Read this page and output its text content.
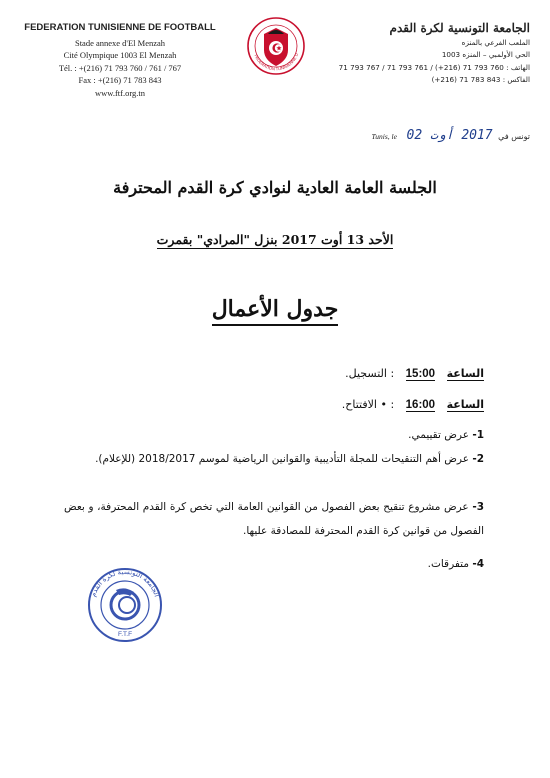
FEDERATION TUNISIENNE DE FOOTBALL
Stade annexe d'El Menzah
Cité Olympique 1003 El Menzah
Tél. : +(216) 71 793 760 / 761 / 767
Fax : +(216) 71 783 843
www.ftf.org.tn
FEDERATION TUNISIENNE D
الجامعة التونسية لكرة القدم
الملعب الفرعي بالمنزه
الحي الأولمبي – المنزه 1003
الهاتف : 760 793 71 (216+) / 761 793 71 / 767 793 71
الفاكس : 843 783 71 (216+)
تونس في 2017 أوت 02 Tunis, le
الجلسة العامة العادية لنوادي كرة القدم المحترفة
الأحد 13 أوت 2017 بنزل "المرادي" بقمرت
جدول الأعمال
الساعة 15:00 : التسجيل.
الساعة 16:00 : • الافتتاح.
1- عرض تقييمي.
2- عرض أهم التنقيحات للمجلة التأديبية والقوانين الرياضية لموسم 2018/2017 (للإعلام).
3- عرض مشروع تنقيح بعض الفصول من القوانين العامة التي تخص كرة القدم المحترفة، و بعض الفصول من قوانين كرة القدم المحترفة للمصادقة عليها.
4- متفرقات.
الجامعة التونسية لكرة القدم
F.T.F
